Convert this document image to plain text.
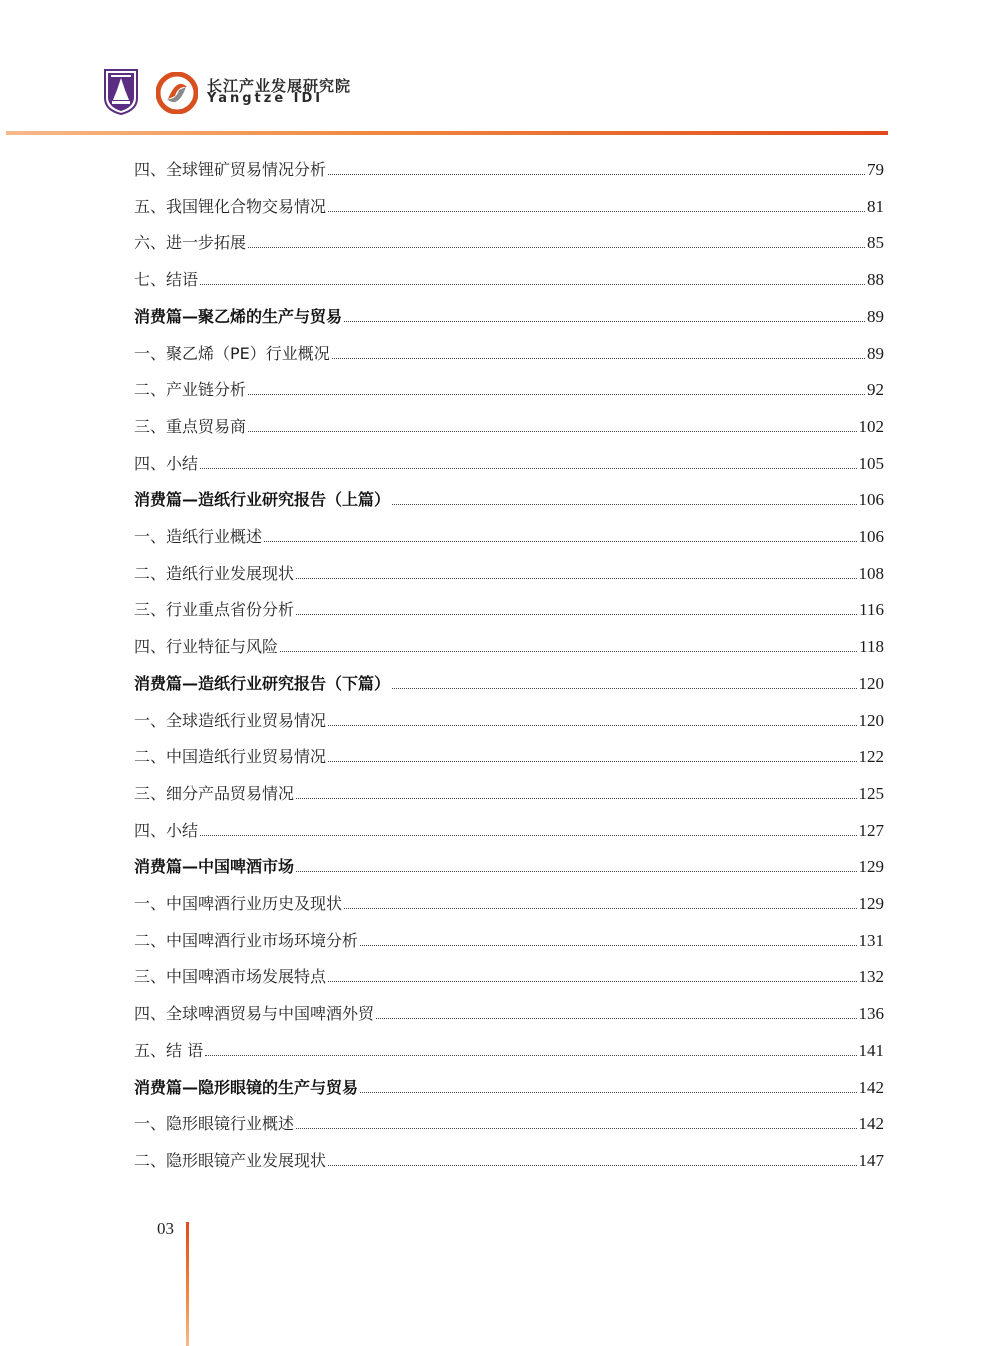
长江产业发展研究院
Yangtze IDI
四、全球锂矿贸易情况分析	79
五、我国锂化合物交易情况	81
六、进一步拓展	85
七、结语	88
消费篇—聚乙烯的生产与贸易	89
一、聚乙烯（PE）行业概况	89
二、产业链分析	92
三、重点贸易商	102
四、小结	105
消费篇—造纸行业研究报告（上篇）	106
一、造纸行业概述	106
二、造纸行业发展现状	108
三、行业重点省份分析	116
四、行业特征与风险	118
消费篇—造纸行业研究报告（下篇）	120
一、全球造纸行业贸易情况	120
二、中国造纸行业贸易情况	122
三、细分产品贸易情况	125
四、小结	127
消费篇—中国啤酒市场	129
一、中国啤酒行业历史及现状	129
二、中国啤酒行业市场环境分析	131
三、中国啤酒市场发展特点	132
四、全球啤酒贸易与中国啤酒外贸	136
五、结 语	141
消费篇—隐形眼镜的生产与贸易	142
一、隐形眼镜行业概述	142
二、隐形眼镜产业发展现状	147
03
